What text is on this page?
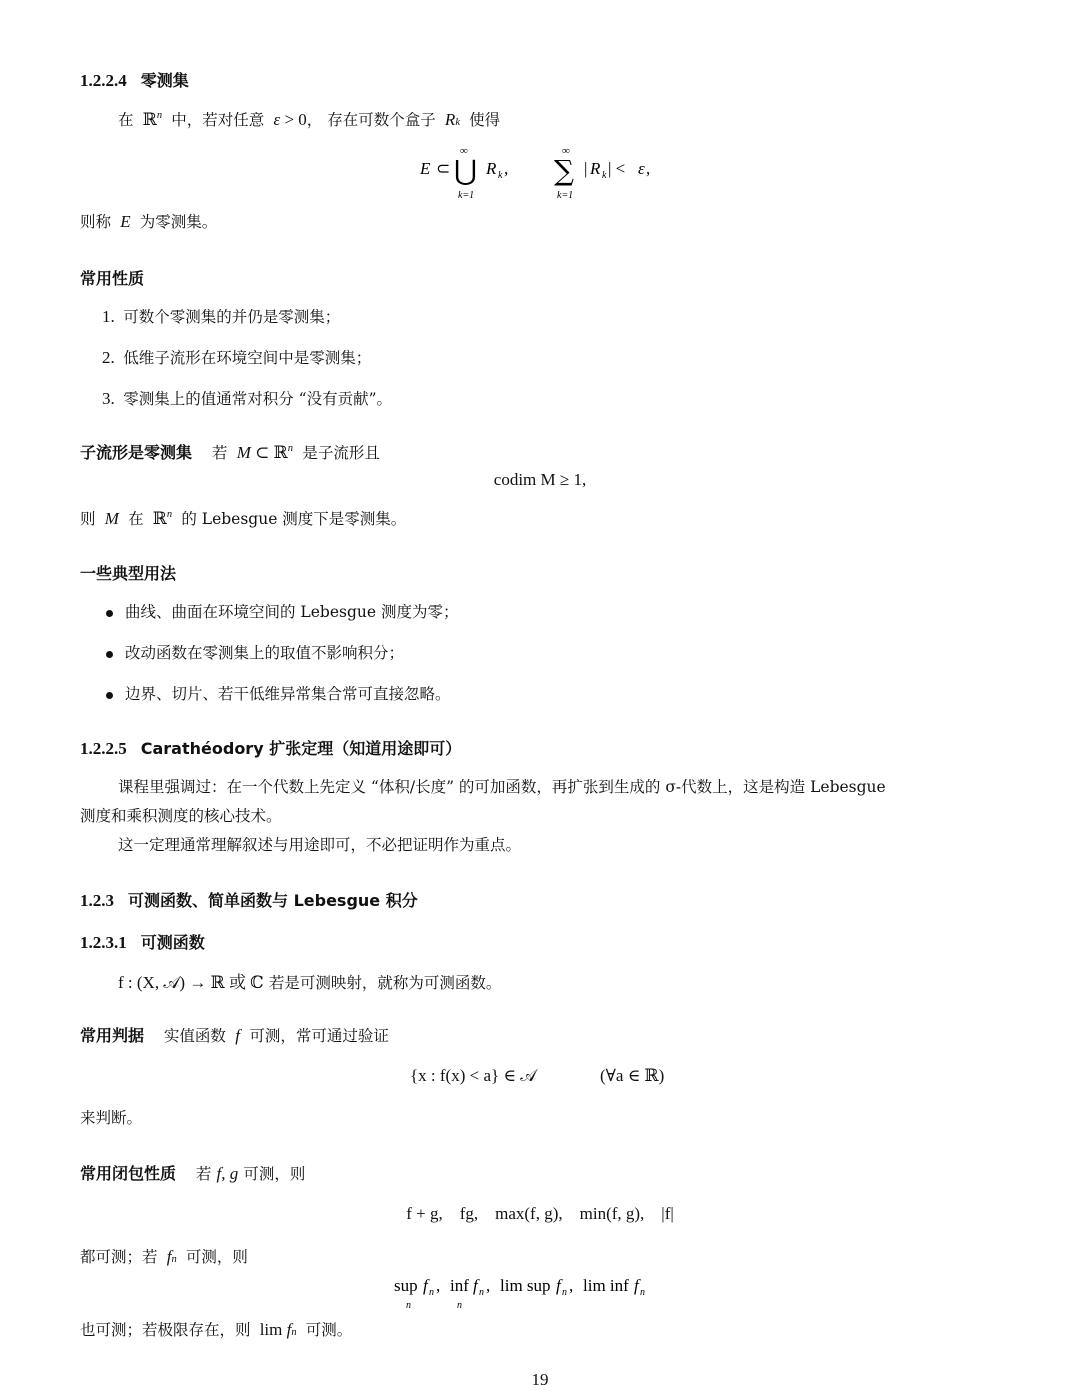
1.2.2.4 零测集
在  ℝ$^n$ 中，若对任意  ε > 0， 存在可数个盒子  Rk 使得
E ⊂
∞
⋃
k=1
R k ,
∞
∑
k=1
| R k | < ε ,
则称  E  为零测集。
常用性质
1.  可数个零测集的并仍是零测集；
2.  低维子流形在环境空间中是零测集；
3.  零测集上的值通常对积分 “没有贡献”。
子流形是零测集 若  M ⊂ ℝ$^n$ 是子流形且
codim M ≥ 1,
则  M  在  ℝ$^n$ 的 Lebesgue 测度下是零测集。
一些典型用法
曲线、曲面在环境空间的 Lebesgue 测度为零；
改动函数在零测集上的取值不影响积分；
边界、切片、若干低维异常集合常可直接忽略。
1.2.2.5 Carathéodory 扩张定理（知道用途即可）
课程里强调过：在一个代数上先定义 “体积/长度” 的可加函数，再扩张到生成的 σ-代数上，这是构造 Lebesgue
测度和乘积测度的核心技术。
这一定理通常理解叙述与用途即可，不必把证明作为重点。
1.2.3 可测函数、简单函数与 Lebesgue 积分
1.2.3.1 可测函数
f : (X, 𝒜) → ℝ 或 ℂ 若是可测映射，就称为可测函数。
常用判据 实值函数  f  可测，常可通过验证
{x : f(x) < a} ∈ 𝒜	(∀a ∈ ℝ)
来判断。
常用闭包性质 若 f, g 可测，则
f + g,    fg,    max(f, g),    min(f, g),    |f|
都可测；若  fn 可测，则
sup
n
f n , inf
n
f n , lim sup f n , lim inf f n
也可测；若极限存在，则  lim fn 可测。
19
